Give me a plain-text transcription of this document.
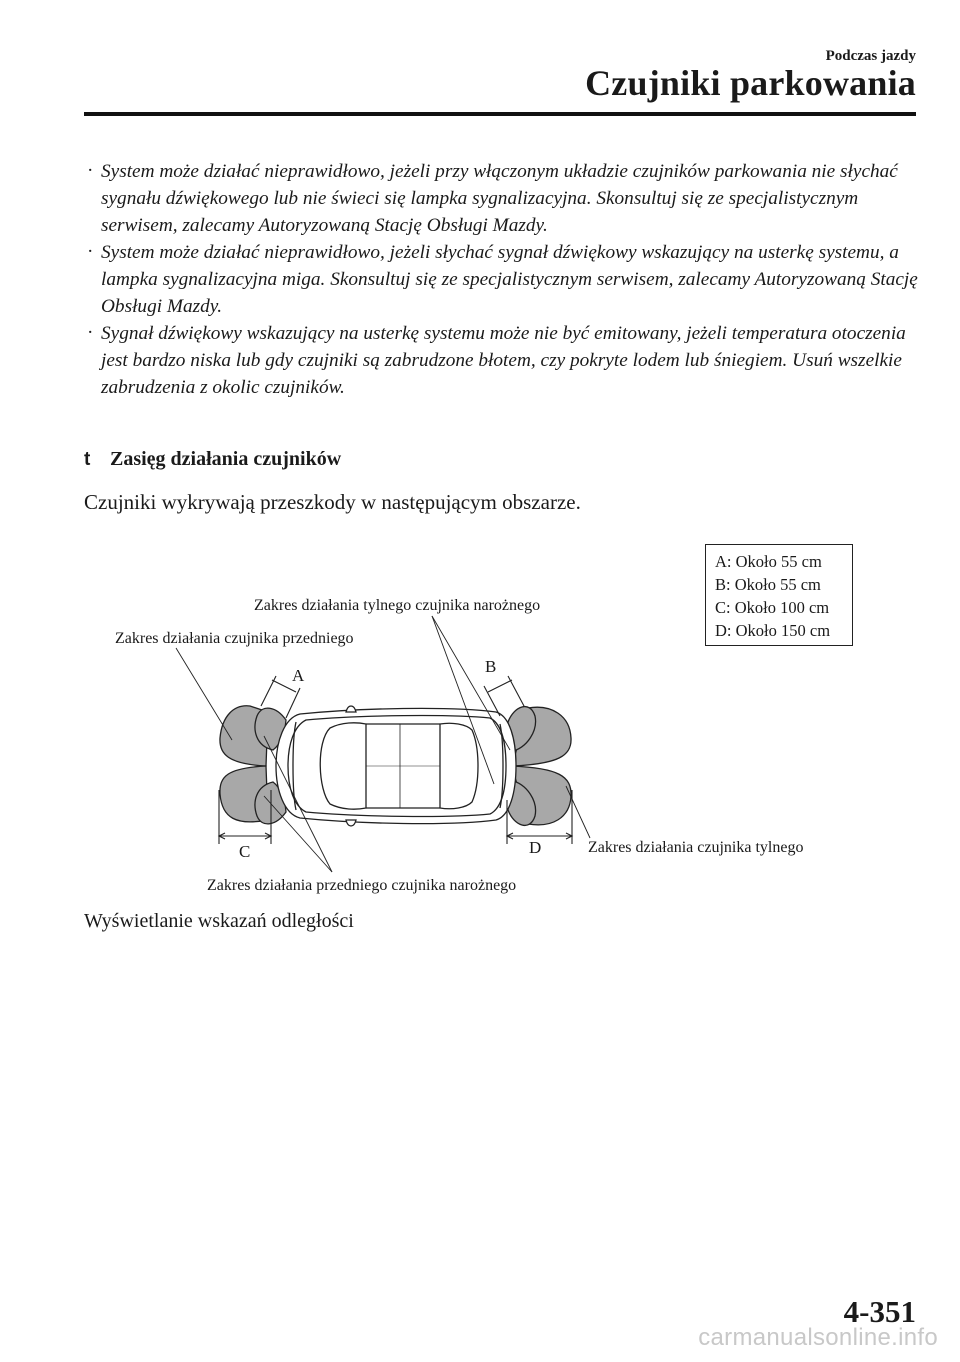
Podczas jazdy
Czujniki parkowania
· System może działać nieprawidłowo, jeżeli przy włączonym układzie czujników parkowania nie słychać sygnału dźwiękowego lub nie świeci się lampka sygnalizacyjna. Skonsultuj się ze specjalistycznym serwisem, zalecamy Autoryzowaną Stację Obsługi Mazdy.
· System może działać nieprawidłowo, jeżeli słychać sygnał dźwiękowy wskazujący na usterkę systemu, a lampka sygnalizacyjna miga. Skonsultuj się ze specjalistycznym serwisem, zalecamy Autoryzowaną Stację Obsługi Mazdy.
· Sygnał dźwiękowy wskazujący na usterkę systemu może nie być emitowany, jeżeli temperatura otoczenia jest bardzo niska lub gdy czujniki są zabrudzone błotem, czy pokryte lodem lub śniegiem. Usuń wszelkie zabrudzenia z okolic czujników.
t Zasięg działania czujników
Czujniki wykrywają przeszkody w następującym obszarze.
A: Około 55 cm
B: Około 55 cm
C: Około 100 cm
D: Około 150 cm
Zakres działania tylnego czujnika narożnego
Zakres działania czujnika przedniego
Zakres działania czujnika tylnego
Zakres działania przedniego czujnika narożnego
A	B
C	D
Wyświetlanie wskazań odległości
4-351
carmanualsonline.info
